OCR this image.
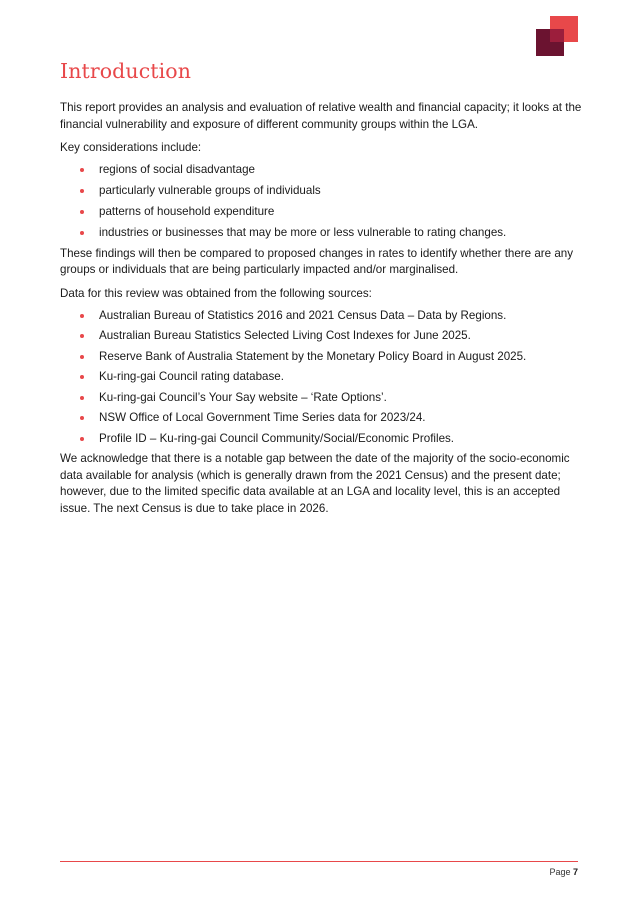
Introduction

This report provides an analysis and evaluation of relative wealth and financial capacity; it looks at the financial vulnerability and exposure of different community groups within the LGA.

Key considerations include:

regions of social disadvantage
particularly vulnerable groups of individuals
patterns of household expenditure
industries or businesses that may be more or less vulnerable to rating changes.

These findings will then be compared to proposed changes in rates to identify whether there are any groups or individuals that are being particularly impacted and/or marginalised.

Data for this review was obtained from the following sources:

Australian Bureau of Statistics 2016 and 2021 Census Data – Data by Regions.
Australian Bureau Statistics Selected Living Cost Indexes for June 2025.
Reserve Bank of Australia Statement by the Monetary Policy Board in August 2025.
Ku-ring-gai Council rating database.
Ku-ring-gai Council’s Your Say website – ‘Rate Options’.
NSW Office of Local Government Time Series data for 2023/24.
Profile ID – Ku-ring-gai Council Community/Social/Economic Profiles.

We acknowledge that there is a notable gap between the date of the majority of the socio-economic data available for analysis (which is generally drawn from the 2021 Census) and the present date; however, due to the limited specific data available at an LGA and locality level, this is an accepted issue. The next Census is due to take place in 2026.

Page 7
